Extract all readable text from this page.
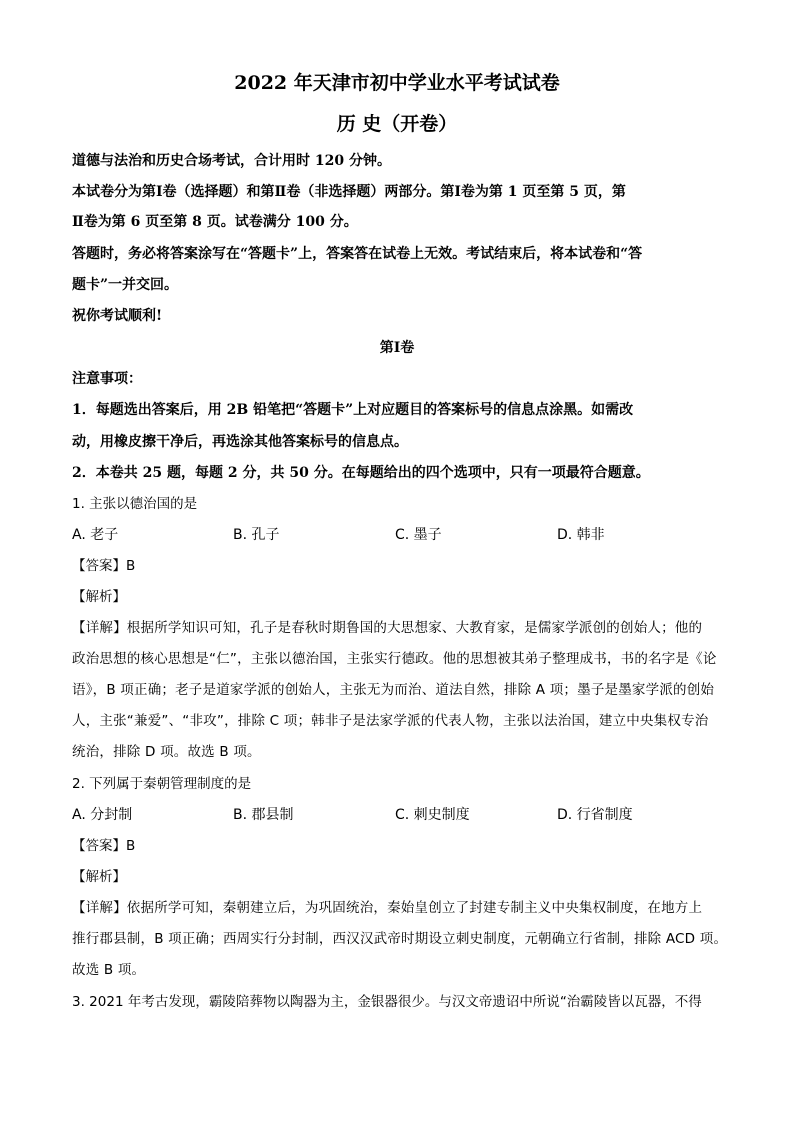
2022 年天津市初中学业水平考试试卷
历 史（开卷）
道德与法治和历史合场考试，合计用时 120 分钟。
本试卷分为第Ⅰ卷（选择题）和第Ⅱ卷（非选择题）两部分。第Ⅰ卷为第 1 页至第 5 页，第
Ⅱ卷为第 6 页至第 8 页。试卷满分 100 分。
答题时，务必将答案涂写在“答题卡”上，答案答在试卷上无效。考试结束后，将本试卷和“答
题卡”一并交回。
祝你考试顺利!
第Ⅰ卷
注意事项：
1．每题选出答案后，用 2B 铅笔把“答题卡”上对应题目的答案标号的信息点涂黑。如需改
动，用橡皮擦干净后，再选涂其他答案标号的信息点。
2．本卷共 25 题，每题 2 分，共 50 分。在每题给出的四个选项中，只有一项最符合题意。
1. 主张以德治国的是
A. 老子	B. 孔子	C. 墨子	D. 韩非
【答案】B
【解析】
【详解】根据所学知识可知，孔子是春秋时期鲁国的大思想家、大教育家，是儒家学派创的创始人；他的
政治思想的核心思想是“仁”，主张以德治国，主张实行德政。他的思想被其弟子整理成书，书的名字是《论
语》，B 项正确；老子是道家学派的创始人，主张无为而治、道法自然，排除 A 项；墨子是墨家学派的创始
人，主张“兼爱”、“非攻”，排除 C 项；韩非子是法家学派的代表人物，主张以法治国，建立中央集权专治
统治，排除 D 项。故选 B 项。
2. 下列属于秦朝管理制度的是
A. 分封制	B. 郡县制	C. 刺史制度	D. 行省制度
【答案】B
【解析】
【详解】依据所学可知，秦朝建立后，为巩固统治，秦始皇创立了封建专制主义中央集权制度，在地方上
推行郡县制，B 项正确；西周实行分封制，西汉汉武帝时期设立刺史制度，元朝确立行省制，排除 ACD 项。
故选 B 项。
3. 2021 年考古发现，霸陵陪葬物以陶器为主，金银器很少。与汉文帝遗诏中所说“治霸陵皆以瓦器，不得
